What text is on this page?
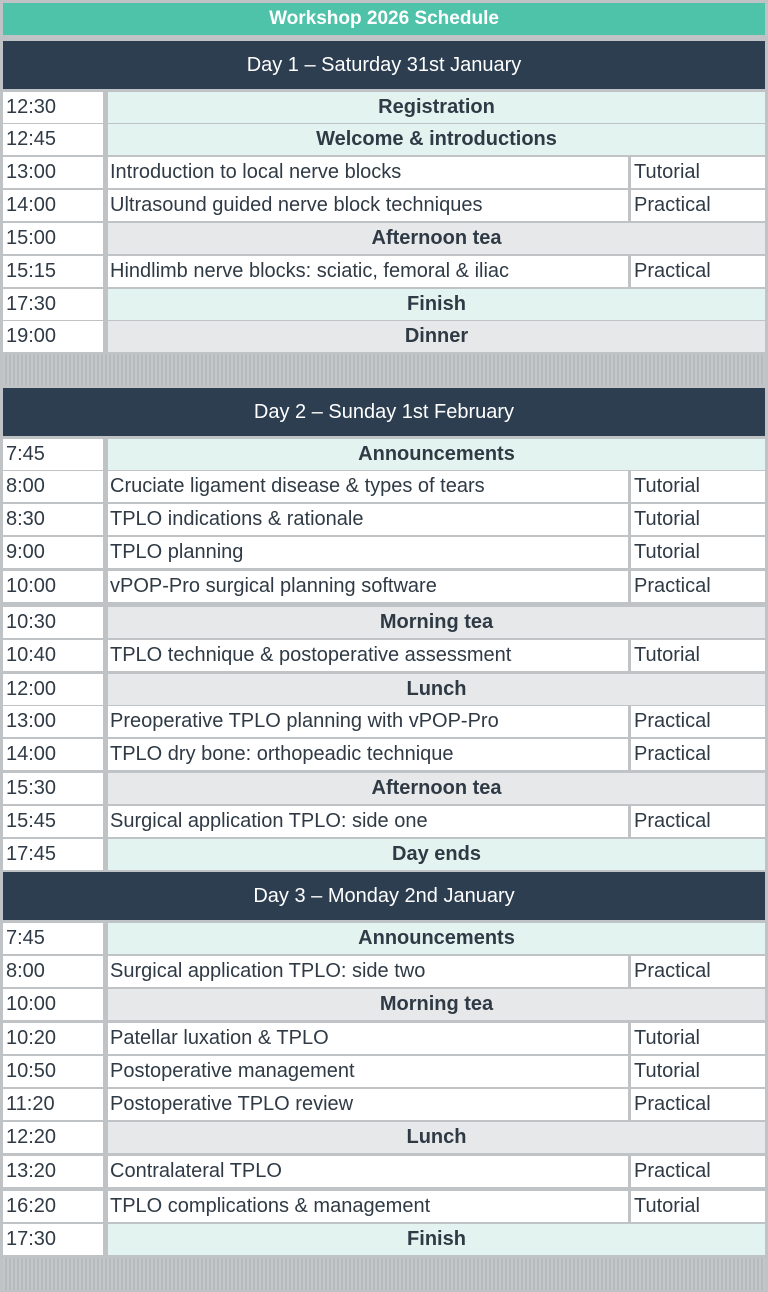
Workshop 2026 Schedule
Day 1 – Saturday 31st January
12:30	Registration
12:45	Welcome & introductions
13:00	Introduction to local nerve blocks	Tutorial
14:00	Ultrasound guided nerve block techniques	Practical
15:00	Afternoon tea
15:15	Hindlimb nerve blocks: sciatic, femoral & iliac	Practical
17:30	Finish
19:00	Dinner
Day 2 – Sunday 1st February
7:45	Announcements
8:00	Cruciate ligament disease & types of tears	Tutorial
8:30	TPLO indications & rationale	Tutorial
9:00	TPLO planning	Tutorial
10:00	vPOP-Pro surgical planning software	Practical
10:30	Morning tea
10:40	TPLO technique & postoperative assessment	Tutorial
12:00	Lunch
13:00	Preoperative TPLO planning with vPOP-Pro	Practical
14:00	TPLO dry bone: orthopeadic technique	Practical
15:30	Afternoon tea
15:45	Surgical application TPLO: side one	Practical
17:45	Day ends
Day 3 – Monday 2nd January
7:45	Announcements
8:00	Surgical application TPLO: side two	Practical
10:00	Morning tea
10:20	Patellar luxation & TPLO	Tutorial
10:50	Postoperative management	Tutorial
11:20	Postoperative TPLO review	Practical
12:20	Lunch
13:20	Contralateral TPLO	Practical
16:20	TPLO complications & management	Tutorial
17:30	Finish
